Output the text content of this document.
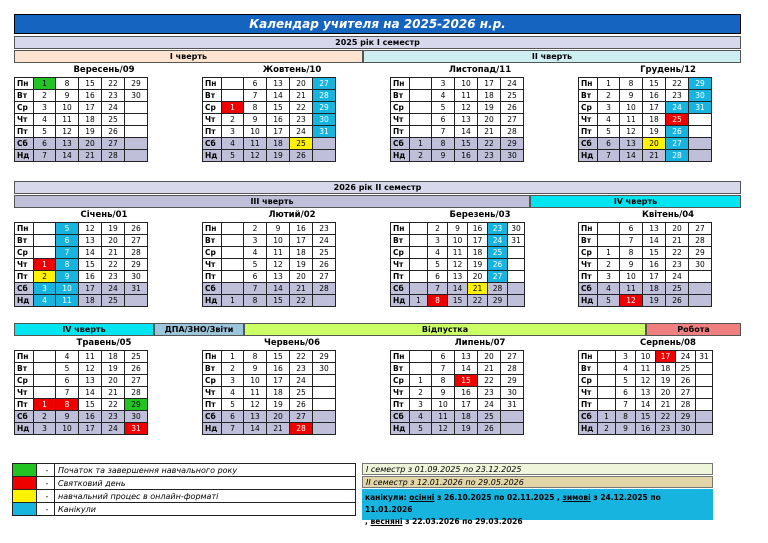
Календар учителя на 2025-2026 н.р.
2025 рік І семестр
І чверть	ІІ чверть
2026 рік ІІ семестр
ІІІ чверть	IV чверть
IV чверть	ДПА/ЗНО/Звіти	Відпустка	Робота
Вересень/09
Пн	1	8	15	22	29
Вт	2	9	16	23	30
Ср	3	10	17	24	
Чт	4	11	18	25	
Пт	5	12	19	26	
Сб	6	13	20	27	
Нд	7	14	21	28	
Жовтень/10
Пн		6	13	20	27
Вт		7	14	21	28
Ср	1	8	15	22	29
Чт	2	9	16	23	30
Пт	3	10	17	24	31
Сб	4	11	18	25	
Нд	5	12	19	26	
Листопад/11
Пн		3	10	17	24
Вт		4	11	18	25
Ср		5	12	19	26
Чт		6	13	20	27
Пт		7	14	21	28
Сб	1	8	15	22	29
Нд	2	9	16	23	30
Грудень/12
Пн	1	8	15	22	29
Вт	2	9	16	23	30
Ср	3	10	17	24	31
Чт	4	11	18	25	
Пт	5	12	19	26	
Сб	6	13	20	27	
Нд	7	14	21	28	
Січень/01
Пн		5	12	19	26
Вт		6	13	20	27
Ср		7	14	21	28
Чт	1	8	15	22	29
Пт	2	9	16	23	30
Сб	3	10	17	24	31
Нд	4	11	18	25	
Лютий/02
Пн		2	9	16	23
Вт		3	10	17	24
Ср		4	11	18	25
Чт		5	12	19	26
Пт		6	13	20	27
Сб		7	14	21	28
Нд	1	8	15	22	
Березень/03
Пн		2	9	16	23	30
Вт		3	10	17	24	31
Ср		4	11	18	25	
Чт		5	12	19	26	
Пт		6	13	20	27	
Сб		7	14	21	28	
Нд	1	8	15	22	29	
Квітень/04
Пн		6	13	20	27
Вт		7	14	21	28
Ср	1	8	15	22	29
Чт	2	9	16	23	30
Пт	3	10	17	24	
Сб	4	11	18	25	
Нд	5	12	19	26	
Травень/05
Пн		4	11	18	25
Вт		5	12	19	26
Ср		6	13	20	27
Чт		7	14	21	28
Пт	1	8	15	22	29
Сб	2	9	16	23	30
Нд	3	10	17	24	31
Червень/06
Пн	1	8	15	22	29
Вт	2	9	16	23	30
Ср	3	10	17	24	
Чт	4	11	18	25	
Пт	5	12	19	26	
Сб	6	13	20	27	
Нд	7	14	21	28	
Липень/07
Пн		6	13	20	27
Вт		7	14	21	28
Ср	1	8	15	22	29
Чт	2	9	16	23	30
Пт	3	10	17	24	31
Сб	4	11	18	25	
Нд	5	12	19	26	
Серпень/08
Пн		3	10	17	24	31
Вт		4	11	18	25	
Ср		5	12	19	26	
Чт		6	13	20	27	
Пт		7	14	21	28	
Сб	1	8	15	22	29	
Нд	2	9	16	23	30	
	-	Початок та завершення навчального року
	-	Святковий день
	-	навчальний процес в онлайн-форматі
	-	Канікули
І семестр з 01.09.2025 по 23.12.2025
ІІ семестр з 12.01.2026 по 29.05.2026
канікули: осінні з 26.10.2025 по 02.11.2025 , зимові з 24.12.2025 по 11.01.2026
, весняні з 22.03.2026 по 29.03.2026
